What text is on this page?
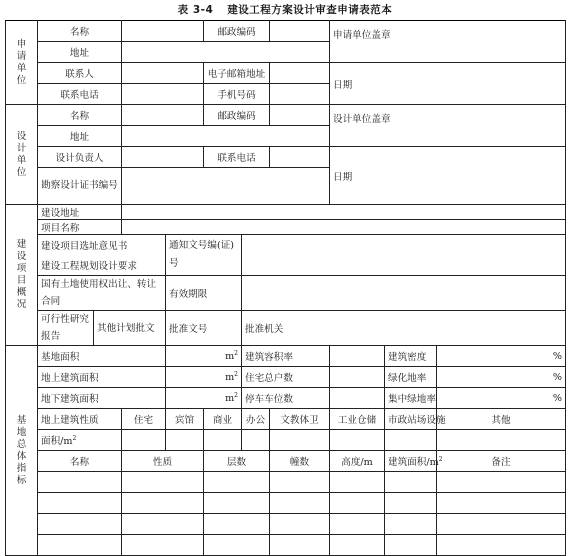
表 3-4 建设工程方案设计审查申请表范本
申请单位	名称				邮政编码			申请单位盖章		
	地址									
	联系人				电子邮箱地址			日期		
	联系电话				手机号码					
设计单位	名称				邮政编码			设计单位盖章		
	地址									
	设计负责人				联系电话			日期		
	勘察设计证书编号									
建设项目概况	建设地址									
	项目名称									
	建设项目选址意见书			通知文号编(证)号						
	建设工程规划设计要求									
	国有土地使用权出让、转让合同			有效期限						

	可行性研究报告	其他计划批文		批准文号		批准机关				
基地总体指标	基地面积			$m^2$		建筑容积率			建筑密度	%
	地上建筑面积			$m^2$		住宅总户数			绿化地率	%
	地下建筑面积			$m^2$		停车车位数			集中绿地率	%
	地上建筑性质		住宅	宾馆	商业	办公	文教体卫	工业仓储	市政站场设施	其他
	面积$/m^2$								
	名称		性质		层数		幢数	高度/m	建筑面积$/m^2$	备注
